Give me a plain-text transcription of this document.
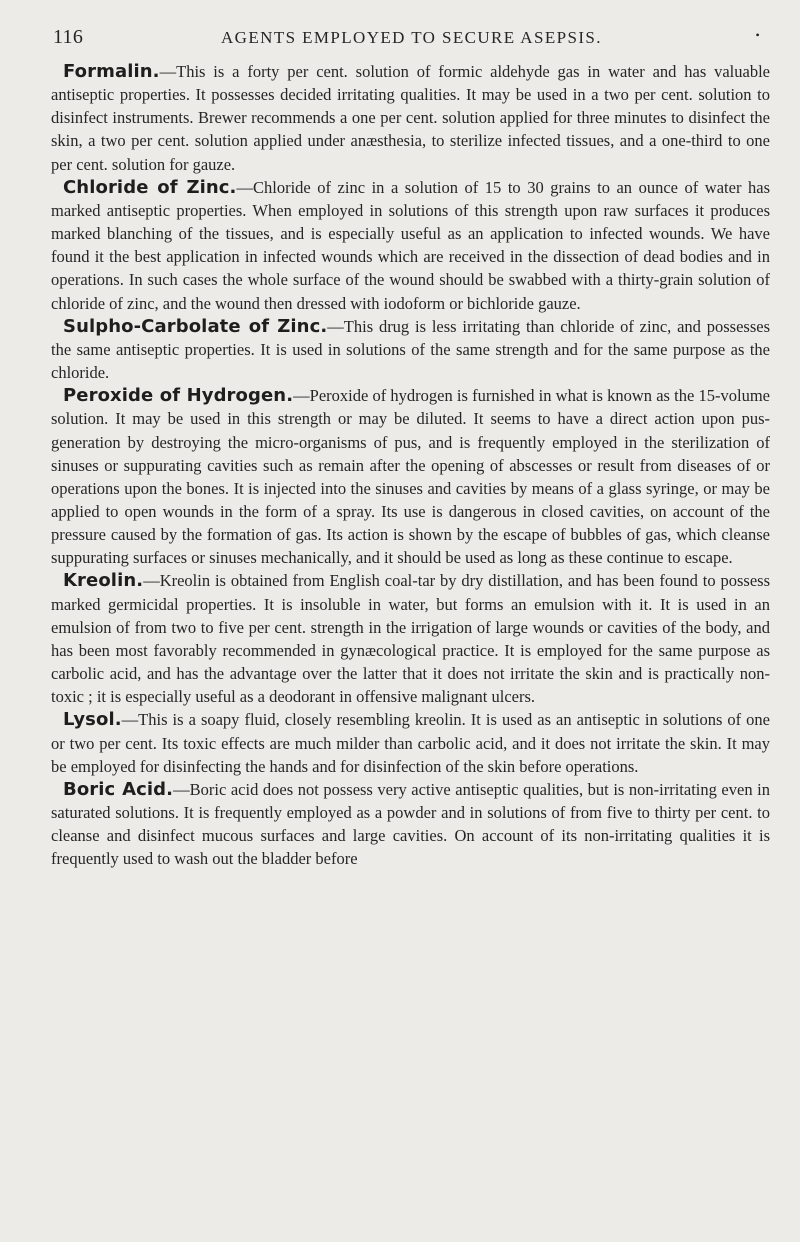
116	AGENTS EMPLOYED TO SECURE ASEPSIS.	•

Formalin.—This is a forty per cent. solution of formic aldehyde gas in water and has valuable antiseptic properties. It possesses decided irritating qualities. It may be used in a two per cent. solution to disinfect instruments. Brewer recommends a one per cent. solution applied for three minutes to disinfect the skin, a two per cent. solution applied under anæsthesia, to sterilize infected tissues, and a one-third to one per cent. solution for gauze.

Chloride of Zinc.—Chloride of zinc in a solution of 15 to 30 grains to an ounce of water has marked antiseptic properties. When employed in solutions of this strength upon raw surfaces it produces marked blanching of the tissues, and is especially useful as an application to infected wounds. We have found it the best application in infected wounds which are received in the dissection of dead bodies and in operations. In such cases the whole surface of the wound should be swabbed with a thirty-grain solution of chloride of zinc, and the wound then dressed with iodoform or bichloride gauze.

Sulpho-Carbolate of Zinc.—This drug is less irritating than chloride of zinc, and possesses the same antiseptic properties. It is used in solutions of the same strength and for the same purpose as the chloride.

Peroxide of Hydrogen.—Peroxide of hydrogen is furnished in what is known as the 15-volume solution. It may be used in this strength or may be diluted. It seems to have a direct action upon pus-generation by destroying the micro-organisms of pus, and is frequently employed in the sterilization of sinuses or suppurating cavities such as remain after the opening of abscesses or result from diseases of or operations upon the bones. It is injected into the sinuses and cavities by means of a glass syringe, or may be applied to open wounds in the form of a spray. Its use is dangerous in closed cavities, on account of the pressure caused by the formation of gas. Its action is shown by the escape of bubbles of gas, which cleanse suppurating surfaces or sinuses mechanically, and it should be used as long as these continue to escape.

Kreolin.—Kreolin is obtained from English coal-tar by dry distillation, and has been found to possess marked germicidal properties. It is insoluble in water, but forms an emulsion with it. It is used in an emulsion of from two to five per cent. strength in the irrigation of large wounds or cavities of the body, and has been most favorably recommended in gynæcological practice. It is employed for the same purpose as carbolic acid, and has the advantage over the latter that it does not irritate the skin and is practically non-toxic ; it is especially useful as a deodorant in offensive malignant ulcers.

Lysol.—This is a soapy fluid, closely resembling kreolin. It is used as an antiseptic in solutions of one or two per cent. Its toxic effects are much milder than carbolic acid, and it does not irritate the skin. It may be employed for disinfecting the hands and for disinfection of the skin before operations.

Boric Acid.—Boric acid does not possess very active antiseptic qualities, but is non-irritating even in saturated solutions. It is frequently employed as a powder and in solutions of from five to thirty per cent. to cleanse and disinfect mucous surfaces and large cavities. On account of its non-irritating qualities it is frequently used to wash out the bladder before
